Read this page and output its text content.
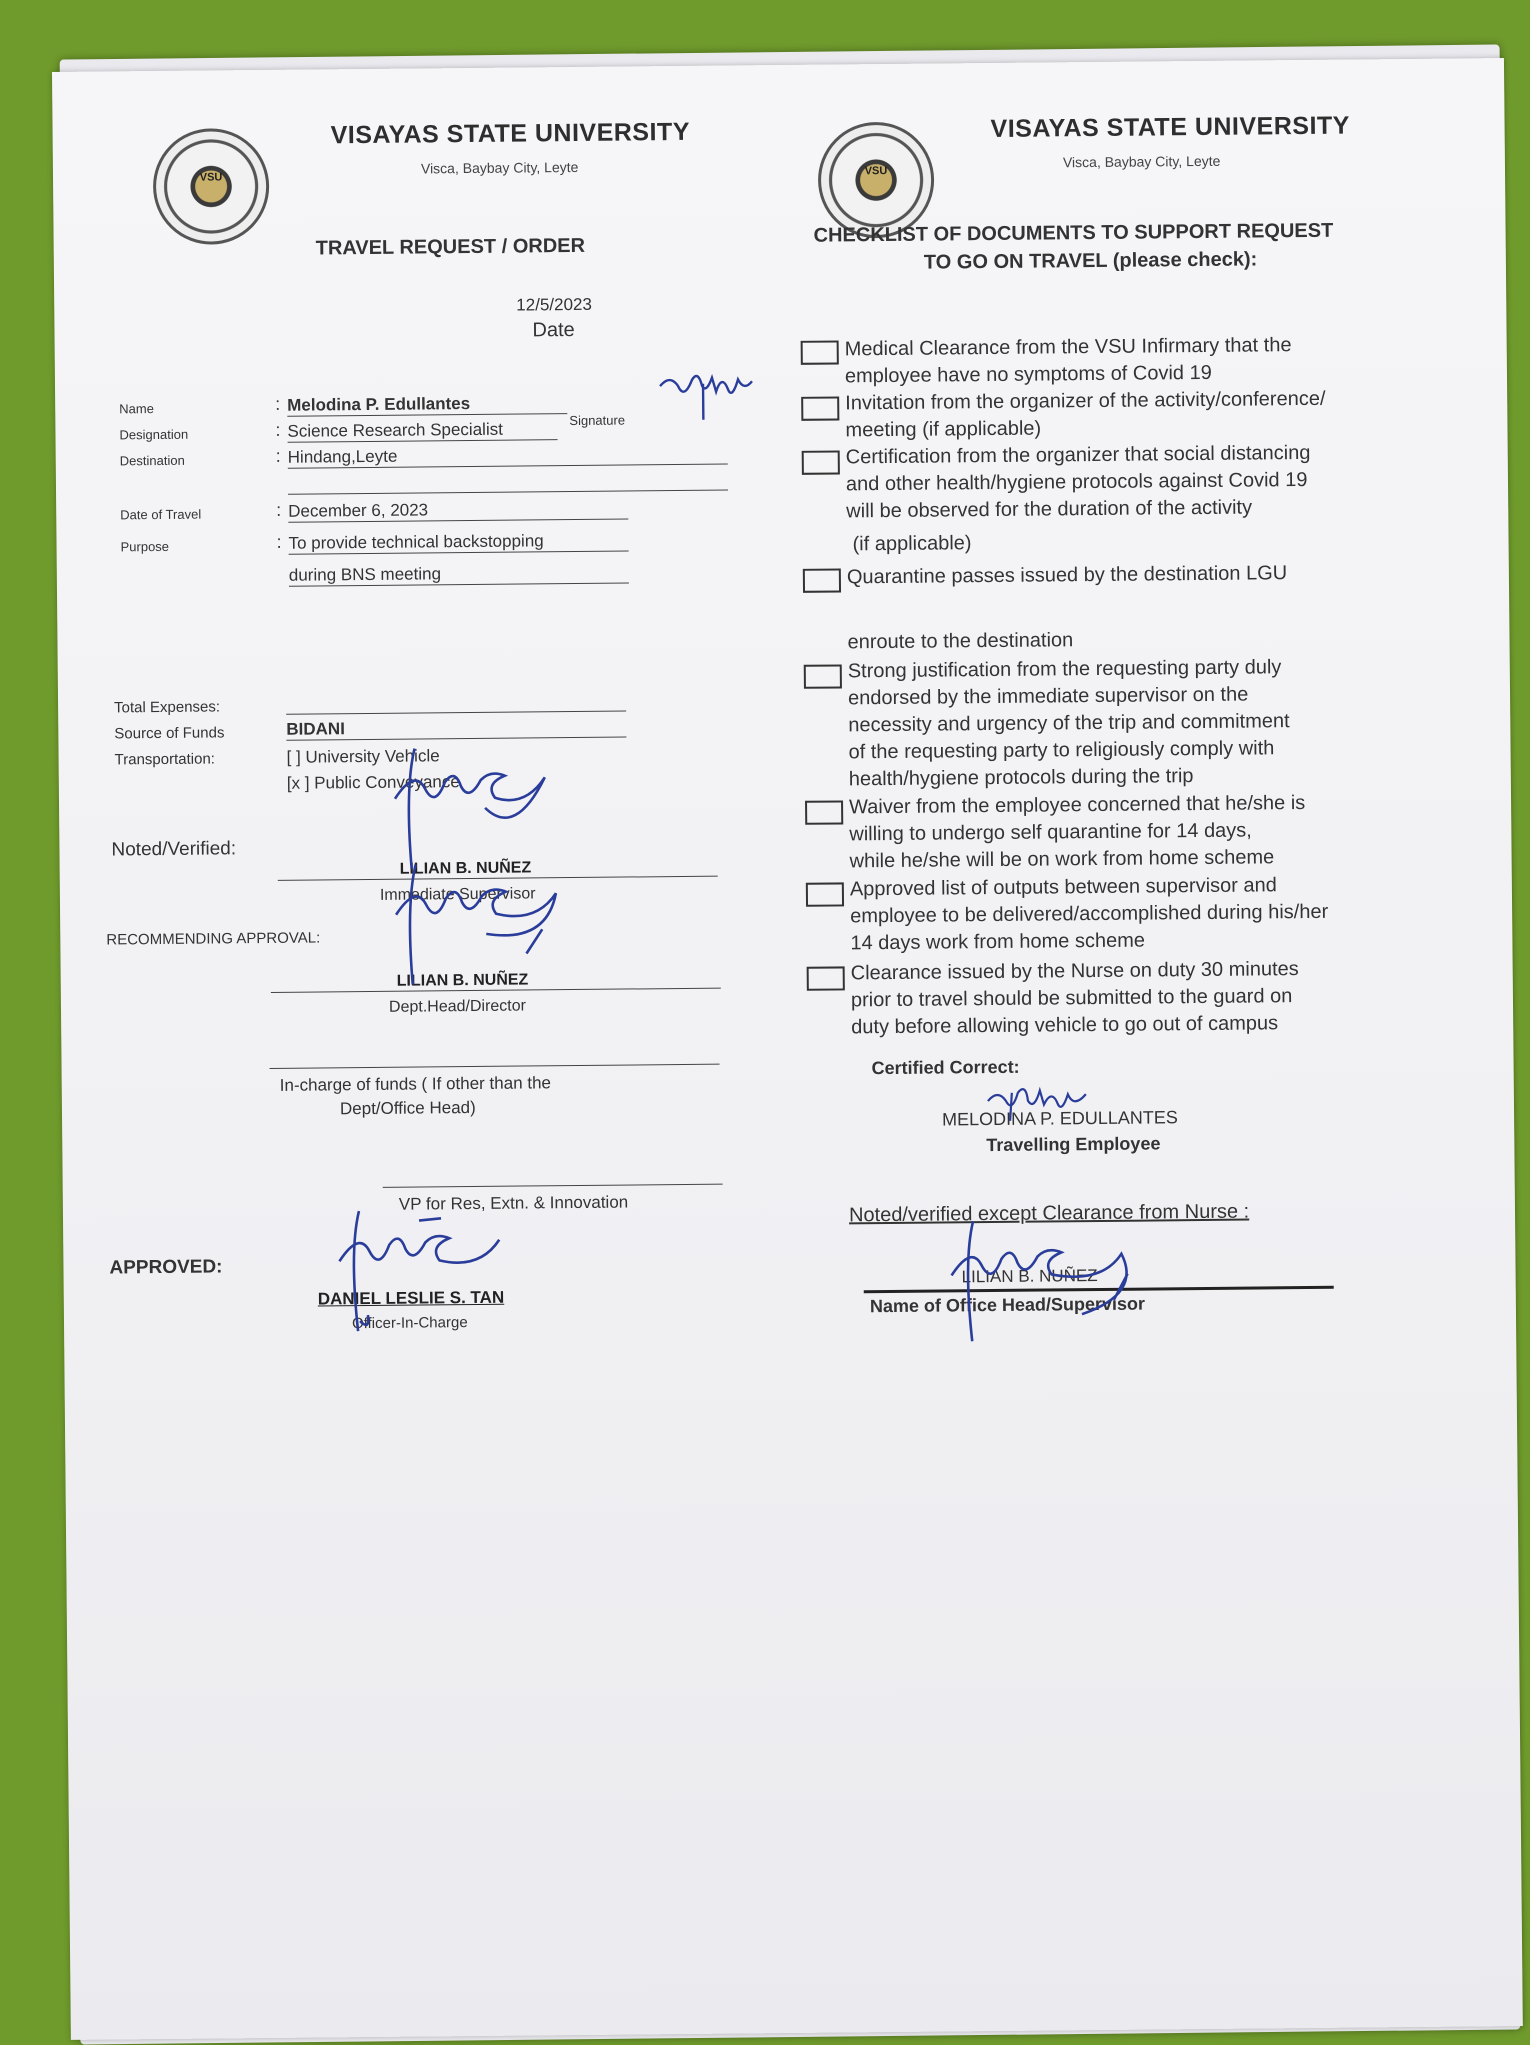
VSU
VISAYAS STATE UNIVERSITY
Visca, Baybay City, Leyte
TRAVEL REQUEST / ORDER
12/5/2023
Date
VSU
VISAYAS STATE UNIVERSITY
Visca, Baybay City, Leyte
CHECKLIST OF DOCUMENTS TO SUPPORT REQUEST
TO GO ON TRAVEL (please check):
Name	: Melodina P. Edullantes
Signature
Designation	: Science Research Specialist
Destination	: Hindang,Leyte
Date of Travel	: December 6, 2023
Purpose	: To provide technical backstopping
during BNS meeting
Total Expenses:
Source of Funds	BIDANI
Transportation:	[ ] University Vehicle
[x ] Public Conveyance
Noted/Verified:
LILIAN B. NUÑEZ
Immediate Supervisor
RECOMMENDING APPROVAL:
LILIAN B. NUÑEZ
Dept.Head/Director
In-charge of funds ( If other than the
Dept/Office Head)
VP for Res, Extn. & Innovation
APPROVED:
DANIEL LESLIE S. TAN
Officer-In-Charge
Medical Clearance from the VSU Infirmary that the
employee have no symptoms of Covid 19
Invitation from the organizer of the activity/conference/
meeting (if applicable)
Certification from the organizer that social distancing
and other health/hygiene protocols against Covid 19
will be observed for the duration of the activity
(if applicable)
Quarantine passes issued by the destination LGU
enroute to the destination
Strong justification from the requesting party duly
endorsed by the immediate supervisor on the
necessity and urgency of the trip and commitment
of the requesting party to religiously comply with
health/hygiene protocols during the trip
Waiver from the employee concerned that he/she is
willing to undergo self quarantine for 14 days,
while he/she will be on work from home scheme
Approved list of outputs between supervisor and
employee to be delivered/accomplished during his/her
14 days work from home scheme
Clearance issued by the Nurse on duty 30 minutes
prior to travel should be submitted to the guard on
duty before allowing vehicle to go out of campus
Certified Correct:
MELODINA P. EDULLANTES
Travelling Employee
Noted/verified except Clearance from Nurse :
LILIAN B. NUÑEZ
Name of Office Head/Supervisor
